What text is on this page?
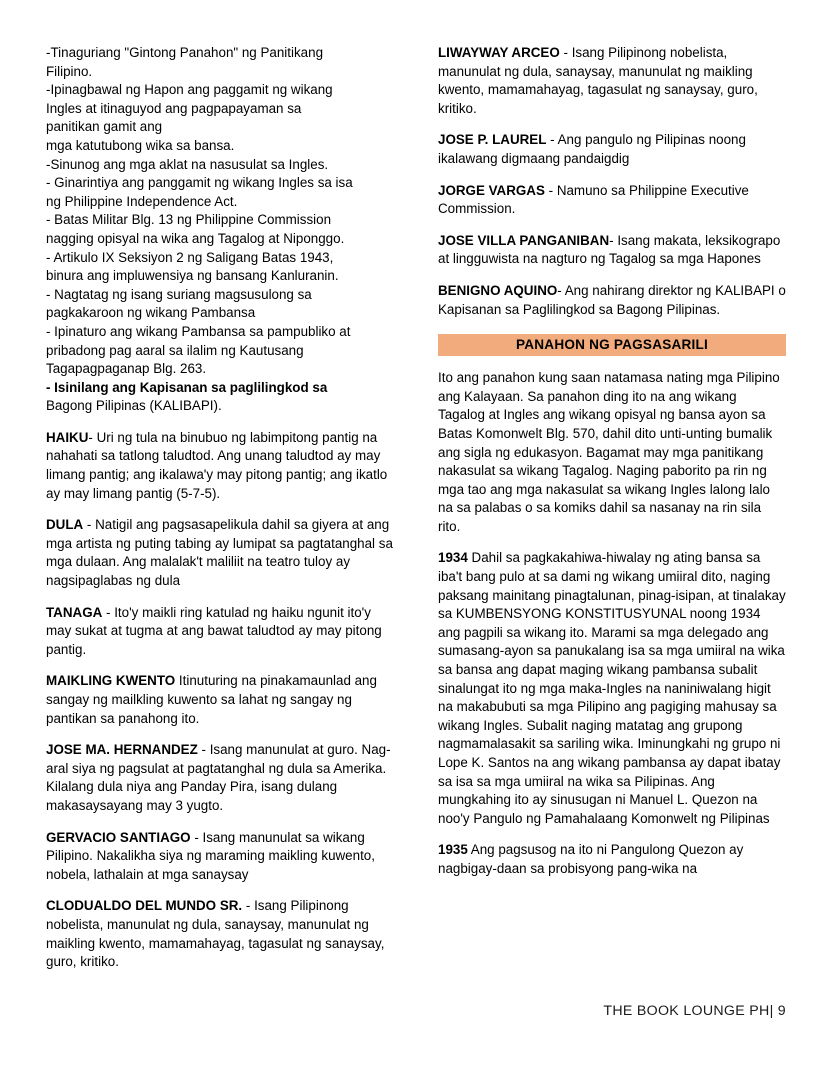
-Tinaguriang "Gintong Panahon" ng Panitikang
Filipino.
-Ipinagbawal ng Hapon ang paggamit ng wikang
Ingles at itinaguyod ang pagpapayaman sa
panitikan gamit ang
mga katutubong wika sa bansa.
-Sinunog ang mga aklat na nasusulat sa Ingles.
- Ginarintiya ang panggamit ng wikang Ingles sa isa
ng Philippine Independence Act.
- Batas Militar Blg. 13 ng Philippine Commission
nagging opisyal na wika ang Tagalog at Niponggo.
- Artikulo IX Seksiyon 2 ng Saligang Batas 1943,
binura ang impluwensiya ng bansang Kanluranin.
- Nagtatag ng isang suriang magsusulong sa
pagkakaroon ng wikang Pambansa
- Ipinaturo ang wikang Pambansa sa pampubliko at
pribadong pag aaral sa ilalim ng Kautusang
Tagapagpaganap Blg. 263.
- Isinilang ang Kapisanan sa paglilingkod sa
Bagong Pilipinas (KALIBAPI).

HAIKU- Uri ng tula na binubuo ng labimpitong pantig na nahahati sa tatlong taludtod. Ang unang taludtod ay may limang pantig; ang ikalawa'y may pitong pantig; ang ikatlo ay may limang pantig (5-7-5).

DULA - Natigil ang pagsasapelikula dahil sa giyera at ang mga artista ng puting tabing ay lumipat sa pagtatanghal sa mga dulaan. Ang malalak't maliliit na teatro tuloy ay nagsipaglabas ng dula

TANAGA - Ito'y maikli ring katulad ng haiku ngunit ito'y may sukat at tugma at ang bawat taludtod ay may pitong pantig.

MAIKLING KWENTO Itinuturing na pinakamaunlad ang sangay ng mailkling kuwento sa lahat ng sangay ng pantikan sa panahong ito.

JOSE MA. HERNANDEZ - Isang manunulat at guro. Nag-aral siya ng pagsulat at pagtatanghal ng dula sa Amerika. Kilalang dula niya ang Panday Pira, isang dulang makasaysayang may 3 yugto.

GERVACIO SANTIAGO - Isang manunulat sa wikang Pilipino. Nakalikha siya ng maraming maikling kuwento, nobela, lathalain at mga sanaysay

CLODUALDO DEL MUNDO SR. - Isang Pilipinong nobelista, manunulat ng dula, sanaysay, manunulat ng maikling kwento, mamamahayag, tagasulat ng sanaysay, guro, kritiko.

LIWAYWAY ARCEO - Isang Pilipinong nobelista, manunulat ng dula, sanaysay, manunulat ng maikling kwento, mamamahayag, tagasulat ng sanaysay, guro, kritiko.

JOSE P. LAUREL - Ang pangulo ng Pilipinas noong ikalawang digmaang pandaigdig

JORGE VARGAS - Namuno sa Philippine Executive Commission.

JOSE VILLA PANGANIBAN- Isang makata, leksikograpo at lingguwista na nagturo ng Tagalog sa mga Hapones

BENIGNO AQUINO- Ang nahirang direktor ng KALIBAPI o Kapisanan sa Paglilingkod sa Bagong Pilipinas.

PANAHON NG PAGSASARILI

Ito ang panahon kung saan natamasa nating mga Pilipino ang Kalayaan. Sa panahon ding ito na ang wikang Tagalog at Ingles ang wikang opisyal ng bansa ayon sa Batas Komonwelt Blg. 570, dahil dito unti-unting bumalik ang sigla ng edukasyon. Bagamat may mga panitikang nakasulat sa wikang Tagalog. Naging paborito pa rin ng mga tao ang mga nakasulat sa wikang Ingles lalong lalo na sa palabas o sa komiks dahil sa nasanay na rin sila rito.

1934 Dahil sa pagkakahiwa-hiwalay ng ating bansa sa iba't bang pulo at sa dami ng wikang umiiral dito, naging paksang mainitang pinagtalunan, pinag-isipan, at tinalakay sa KUMBENSYONG KONSTITUSYUNAL noong 1934 ang pagpili sa wikang ito. Marami sa mga delegado ang sumasang-ayon sa panukalang isa sa mga umiiral na wika sa bansa ang dapat maging wikang pambansa subalit sinalungat ito ng mga maka-Ingles na naniniwalang higit na makabubuti sa mga Pilipino ang pagiging mahusay sa wikang Ingles. Subalit naging matatag ang grupong nagmamalasakit sa sariling wika. Iminungkahi ng grupo ni Lope K. Santos na ang wikang pambansa ay dapat ibatay sa isa sa mga umiiral na wika sa Pilipinas. Ang mungkahing ito ay sinusugan ni Manuel L. Quezon na noo'y Pangulo ng Pamahalaang Komonwelt ng Pilipinas

1935 Ang pagsusog na ito ni Pangulong Quezon ay nagbigay-daan sa probisyong pang-wika na

THE BOOK LOUNGE PH| 9
